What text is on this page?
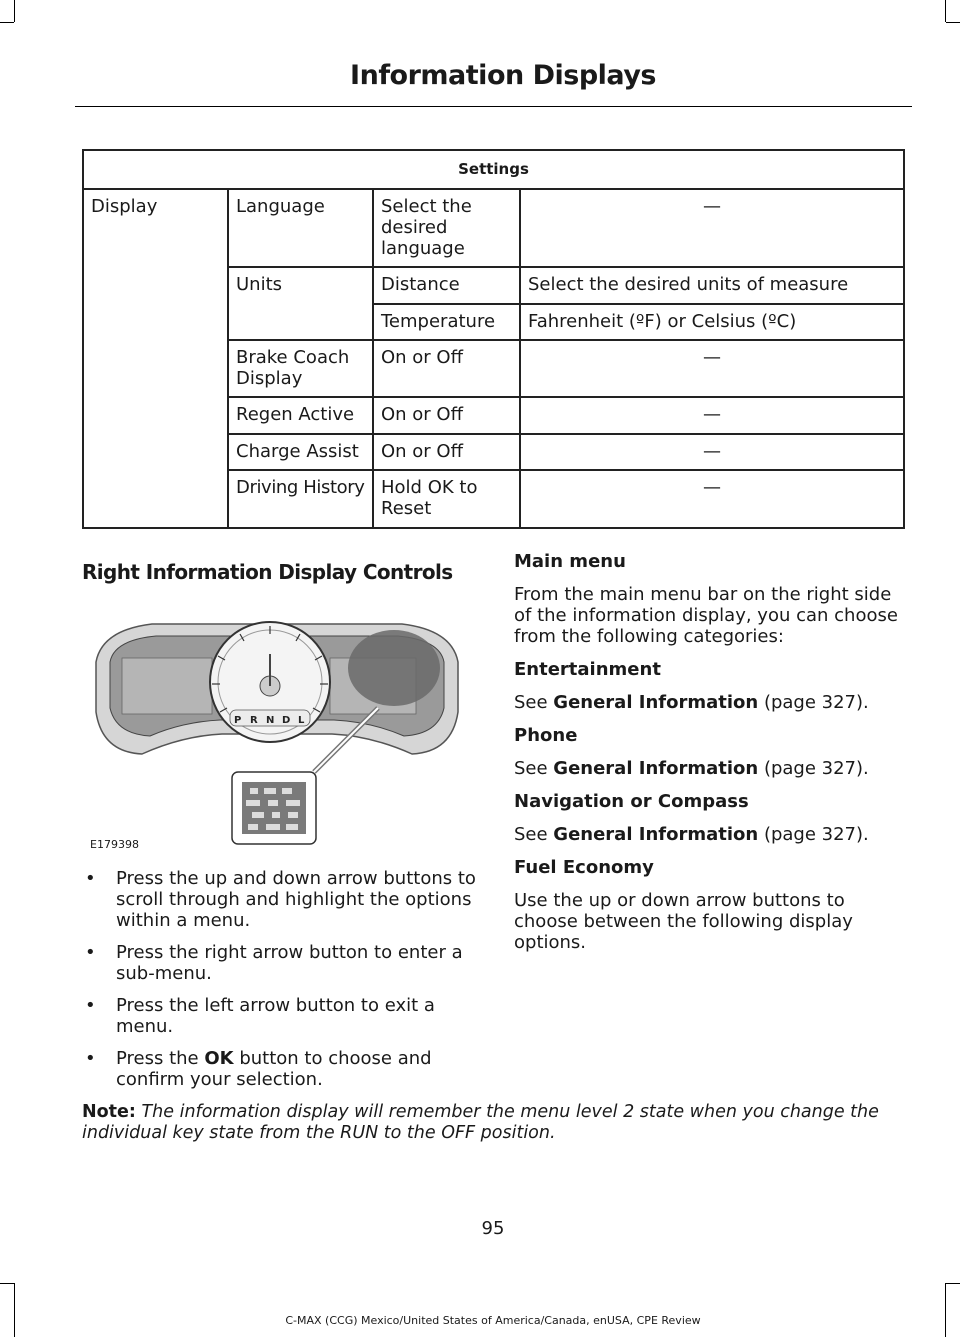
Information Displays
Settings			
Display	Language	Select the desired language	—
	Units	Distance	Select the desired units of measure
		Temperature	Fahrenheit (ºF) or Celsius (ºC)
	Brake Coach Display	On or Off	—
	Regen Active	On or Off	—
	Charge Assist	On or Off	—
	Driving History	Hold OK to Reset	—
Right Information Display Controls
P R N D L
E179398
• Press the up and down arrow buttons to scroll through and highlight the options within a menu.
• Press the right arrow button to enter a sub-menu.
• Press the left arrow button to exit a menu.
• Press the OK button to choose and confirm your selection.

Main menu

From the main menu bar on the right side of the information display, you can choose from the following categories:

Entertainment

See General Information (page 327).

Phone

See General Information (page 327).

Navigation or Compass

See General Information (page 327).

Fuel Economy

Use the up or down arrow buttons to choose between the following display options.

Note: The information display will remember the menu level 2 state when you change the individual key state from the RUN to the OFF position.
95
C-MAX (CCG) Mexico/United States of America/Canada, enUSA, CPE Review
